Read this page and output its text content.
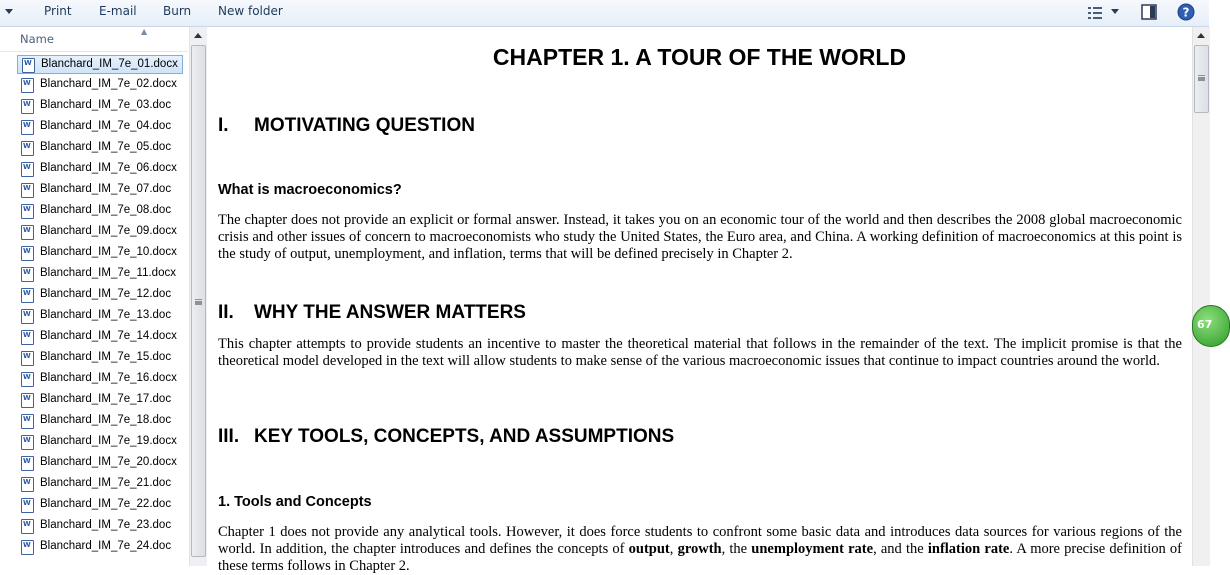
Print E-mail Burn New folder	?
▲
Name
W
Blanchard_IM_7e_01.docx
W
Blanchard_IM_7e_02.docx
W
Blanchard_IM_7e_03.doc
W
Blanchard_IM_7e_04.doc
W
Blanchard_IM_7e_05.doc
W
Blanchard_IM_7e_06.docx
W
Blanchard_IM_7e_07.doc
W
Blanchard_IM_7e_08.doc
W
Blanchard_IM_7e_09.docx
W
Blanchard_IM_7e_10.docx
W
Blanchard_IM_7e_11.docx
W
Blanchard_IM_7e_12.doc
W
Blanchard_IM_7e_13.doc
W
Blanchard_IM_7e_14.docx
W
Blanchard_IM_7e_15.doc
W
Blanchard_IM_7e_16.docx
W
Blanchard_IM_7e_17.doc
W
Blanchard_IM_7e_18.doc
W
Blanchard_IM_7e_19.docx
W
Blanchard_IM_7e_20.docx
W
Blanchard_IM_7e_21.doc
W
Blanchard_IM_7e_22.doc
W
Blanchard_IM_7e_23.doc
W
Blanchard_IM_7e_24.doc
CHAPTER 1. A TOUR OF THE WORLD
I. MOTIVATING QUESTION
What is macroeconomics?
The chapter does not provide an explicit or formal answer. Instead, it takes you on an economic tour of the world and then describes the 2008 global macroeconomic crisis and other issues of concern to macroeconomists who study the United States, the Euro area, and China. A working definition of macroeconomics at this point is the study of output, unemployment, and inflation, terms that will be defined precisely in Chapter 2.
II. WHY THE ANSWER MATTERS
This chapter attempts to provide students an incentive to master the theoretical material that follows in the remainder of the text. The implicit promise is that the theoretical model developed in the text will allow students to make sense of the various macroeconomic issues that continue to impact countries around the world.
III. KEY TOOLS, CONCEPTS, AND ASSUMPTIONS
1. Tools and Concepts
Chapter 1 does not provide any analytical tools. However, it does force students to confront some basic data and introduces data sources for various regions of the world. In addition, the chapter introduces and defines the concepts of output, growth, the unemployment rate, and the inflation rate. A more precise definition of these terms follows in Chapter 2.
67
